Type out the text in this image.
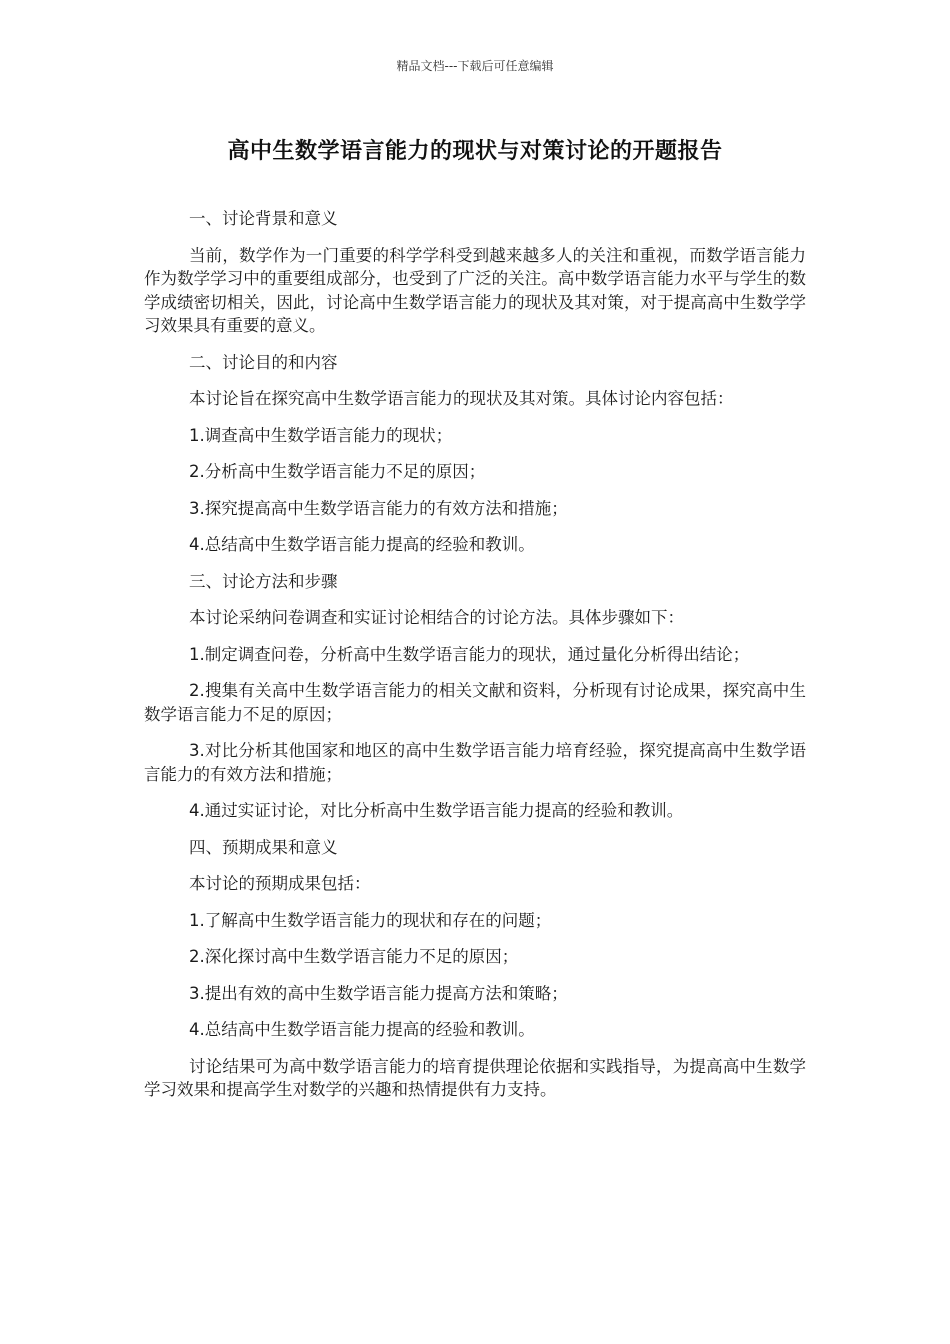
精品文档---下载后可任意编辑
高中生数学语言能力的现状与对策讨论的开题报告

一、讨论背景和意义

当前，数学作为一门重要的科学学科受到越来越多人的关注和重视，而数学语言能力作为数学学习中的重要组成部分，也受到了广泛的关注。高中数学语言能力水平与学生的数学成绩密切相关，因此，讨论高中生数学语言能力的现状及其对策，对于提高高中生数学学习效果具有重要的意义。

二、讨论目的和内容

本讨论旨在探究高中生数学语言能力的现状及其对策。具体讨论内容包括：

1.调查高中生数学语言能力的现状；

2.分析高中生数学语言能力不足的原因；

3.探究提高高中生数学语言能力的有效方法和措施；

4.总结高中生数学语言能力提高的经验和教训。

三、讨论方法和步骤

本讨论采纳问卷调查和实证讨论相结合的讨论方法。具体步骤如下：

1.制定调查问卷，分析高中生数学语言能力的现状，通过量化分析得出结论；

2.搜集有关高中生数学语言能力的相关文献和资料，分析现有讨论成果，探究高中生数学语言能力不足的原因；

3.对比分析其他国家和地区的高中生数学语言能力培育经验，探究提高高中生数学语言能力的有效方法和措施；

4.通过实证讨论，对比分析高中生数学语言能力提高的经验和教训。

四、预期成果和意义

本讨论的预期成果包括：

1.了解高中生数学语言能力的现状和存在的问题；

2.深化探讨高中生数学语言能力不足的原因；

3.提出有效的高中生数学语言能力提高方法和策略；

4.总结高中生数学语言能力提高的经验和教训。

讨论结果可为高中数学语言能力的培育提供理论依据和实践指导，为提高高中生数学学习效果和提高学生对数学的兴趣和热情提供有力支持。
